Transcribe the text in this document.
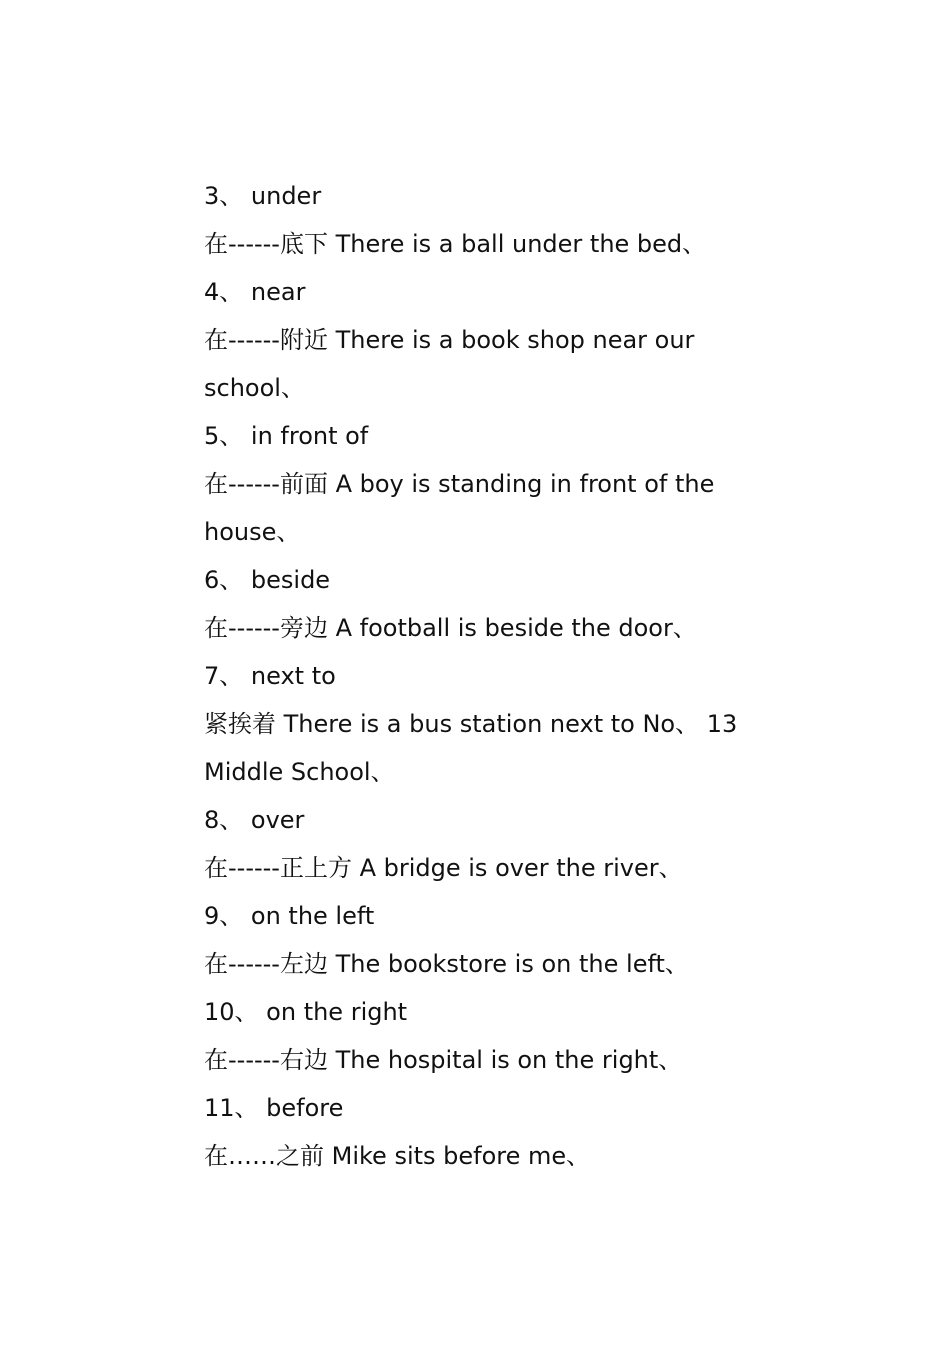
3、 under

在------底下 There is a ball under the bed、

4、 near

在------附近 There is a book shop near our

school、

5、 in front of

在------前面 A boy is standing in front of the

house、

6、 beside

在------旁边 A football is beside the door、

7、 next to

紧挨着 There is a bus station next to No、 13

Middle School、

8、 over

在------正上方 A bridge is over the river、

9、 on the left

在------左边 The bookstore is on the left、

10、 on the right

在------右边 The hospital is on the right、

11、 before

在……之前 Mike sits before me、
